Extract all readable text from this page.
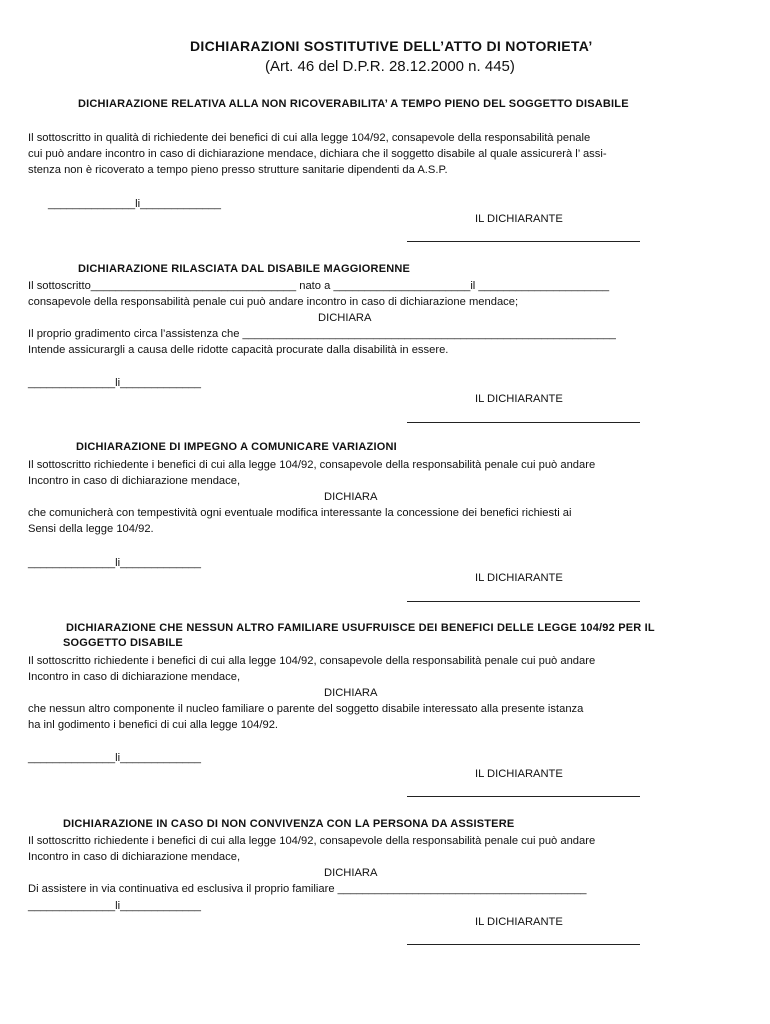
DICHIARAZIONI SOSTITUTIVE DELL’ATTO DI NOTORIETA’
(Art. 46 del D.P.R. 28.12.2000 n. 445)
DICHIARAZIONE RELATIVA ALLA NON RICOVERABILITA’ A TEMPO PIENO DEL SOGGETTO DISABILE
Il sottoscritto in qualità di richiedente dei benefici di cui alla legge 104/92, consapevole della responsabilità penale
cui può andare incontro in caso di dichiarazione mendace, dichiara che il soggetto disabile al quale assicurerà l’ assi-
stenza non è ricoverato a tempo pieno presso strutture sanitarie dipendenti da A.S.P.
______________li_____________
IL DICHIARANTE
DICHIARAZIONE RILASCIATA DAL DISABILE MAGGIORENNE
Il sottoscritto_________________________________ nato a ______________________il _____________________
consapevole della responsabilità penale cui può andare incontro in caso di dichiarazione mendace;
DICHIARA
Il proprio gradimento circa l’assistenza che ____________________________________________________________
Intende assicurargli a causa delle ridotte capacità procurate dalla disabilità in essere.
______________li_____________
IL DICHIARANTE
DICHIARAZIONE DI IMPEGNO A COMUNICARE VARIAZIONI
Il sottoscritto richiedente i benefici di cui alla legge 104/92, consapevole della responsabilità penale cui può andare
Incontro in caso di dichiarazione mendace,
DICHIARA
che comunicherà con tempestività ogni eventuale modifica interessante la concessione dei benefici richiesti ai
Sensi della legge 104/92.
______________li_____________
IL DICHIARANTE
DICHIARAZIONE CHE NESSUN ALTRO FAMILIARE USUFRUISCE DEI BENEFICI DELLE LEGGE 104/92 PER IL
SOGGETTO DISABILE
Il sottoscritto richiedente i benefici di cui alla legge 104/92, consapevole della responsabilità penale cui può andare
Incontro in caso di dichiarazione mendace,
DICHIARA
che nessun altro componente il nucleo familiare o parente del soggetto disabile interessato alla presente istanza
ha inl godimento i benefici di cui alla legge 104/92.
______________li_____________
IL DICHIARANTE
DICHIARAZIONE IN CASO DI NON CONVIVENZA CON LA PERSONA DA ASSISTERE
Il sottoscritto richiedente i benefici di cui alla legge 104/92, consapevole della responsabilità penale cui può andare
Incontro in caso di dichiarazione mendace,
DICHIARA
Di assistere in via continuativa ed esclusiva il proprio familiare ________________________________________
______________li_____________
IL DICHIARANTE
